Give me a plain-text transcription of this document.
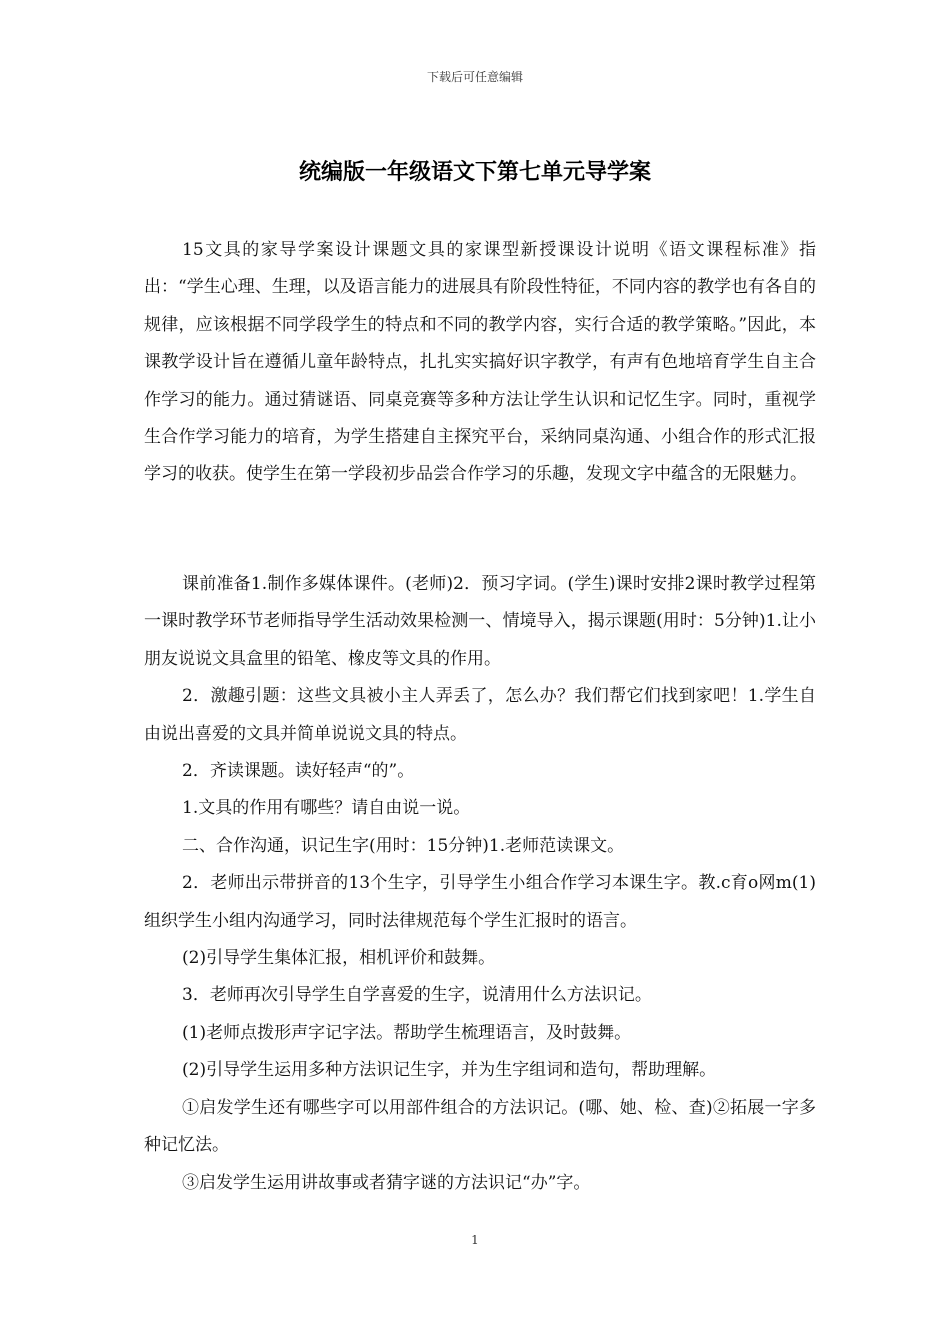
下载后可任意编辑
统编版一年级语文下第七单元导学案

15文具的家导学案设计课题文具的家课型新授课设计说明《语文课程标准》指出：“学生心理、生理，以及语言能力的进展具有阶段性特征，不同内容的教学也有各自的规律，应该根据不同学段学生的特点和不同的教学内容，实行合适的教学策略。”因此，本课教学设计旨在遵循儿童年龄特点，扎扎实实搞好识字教学，有声有色地培育学生自主合作学习的能力。通过猜谜语、同桌竞赛等多种方法让学生认识和记忆生字。同时，重视学生合作学习能力的培育，为学生搭建自主探究平台，采纳同桌沟通、小组合作的形式汇报学习的收获。使学生在第一学段初步品尝合作学习的乐趣，发现文字中蕴含的无限魅力。

课前准备1.制作多媒体课件。(老师)2．预习字词。(学生)课时安排2课时教学过程第一课时教学环节老师指导学生活动效果检测一、情境导入，揭示课题(用时：5分钟)1.让小朋友说说文具盒里的铅笔、橡皮等文具的作用。

2．激趣引题：这些文具被小主人弄丢了，怎么办？我们帮它们找到家吧！1.学生自由说出喜爱的文具并简单说说文具的特点。

2．齐读课题。读好轻声“的”。

1.文具的作用有哪些？请自由说一说。

二、合作沟通，识记生字(用时：15分钟)1.老师范读课文。

2．老师出示带拼音的13个生字，引导学生小组合作学习本课生字。教.c育o网m(1)组织学生小组内沟通学习，同时法律规范每个学生汇报时的语言。

(2)引导学生集体汇报，相机评价和鼓舞。

3．老师再次引导学生自学喜爱的生字，说清用什么方法识记。

(1)老师点拨形声字记字法。帮助学生梳理语言，及时鼓舞。

(2)引导学生运用多种方法识记生字，并为生字组词和造句，帮助理解。

①启发学生还有哪些字可以用部件组合的方法识记。(哪、她、检、查)②拓展一字多种记忆法。

③启发学生运用讲故事或者猜字谜的方法识记“办”字。

1
